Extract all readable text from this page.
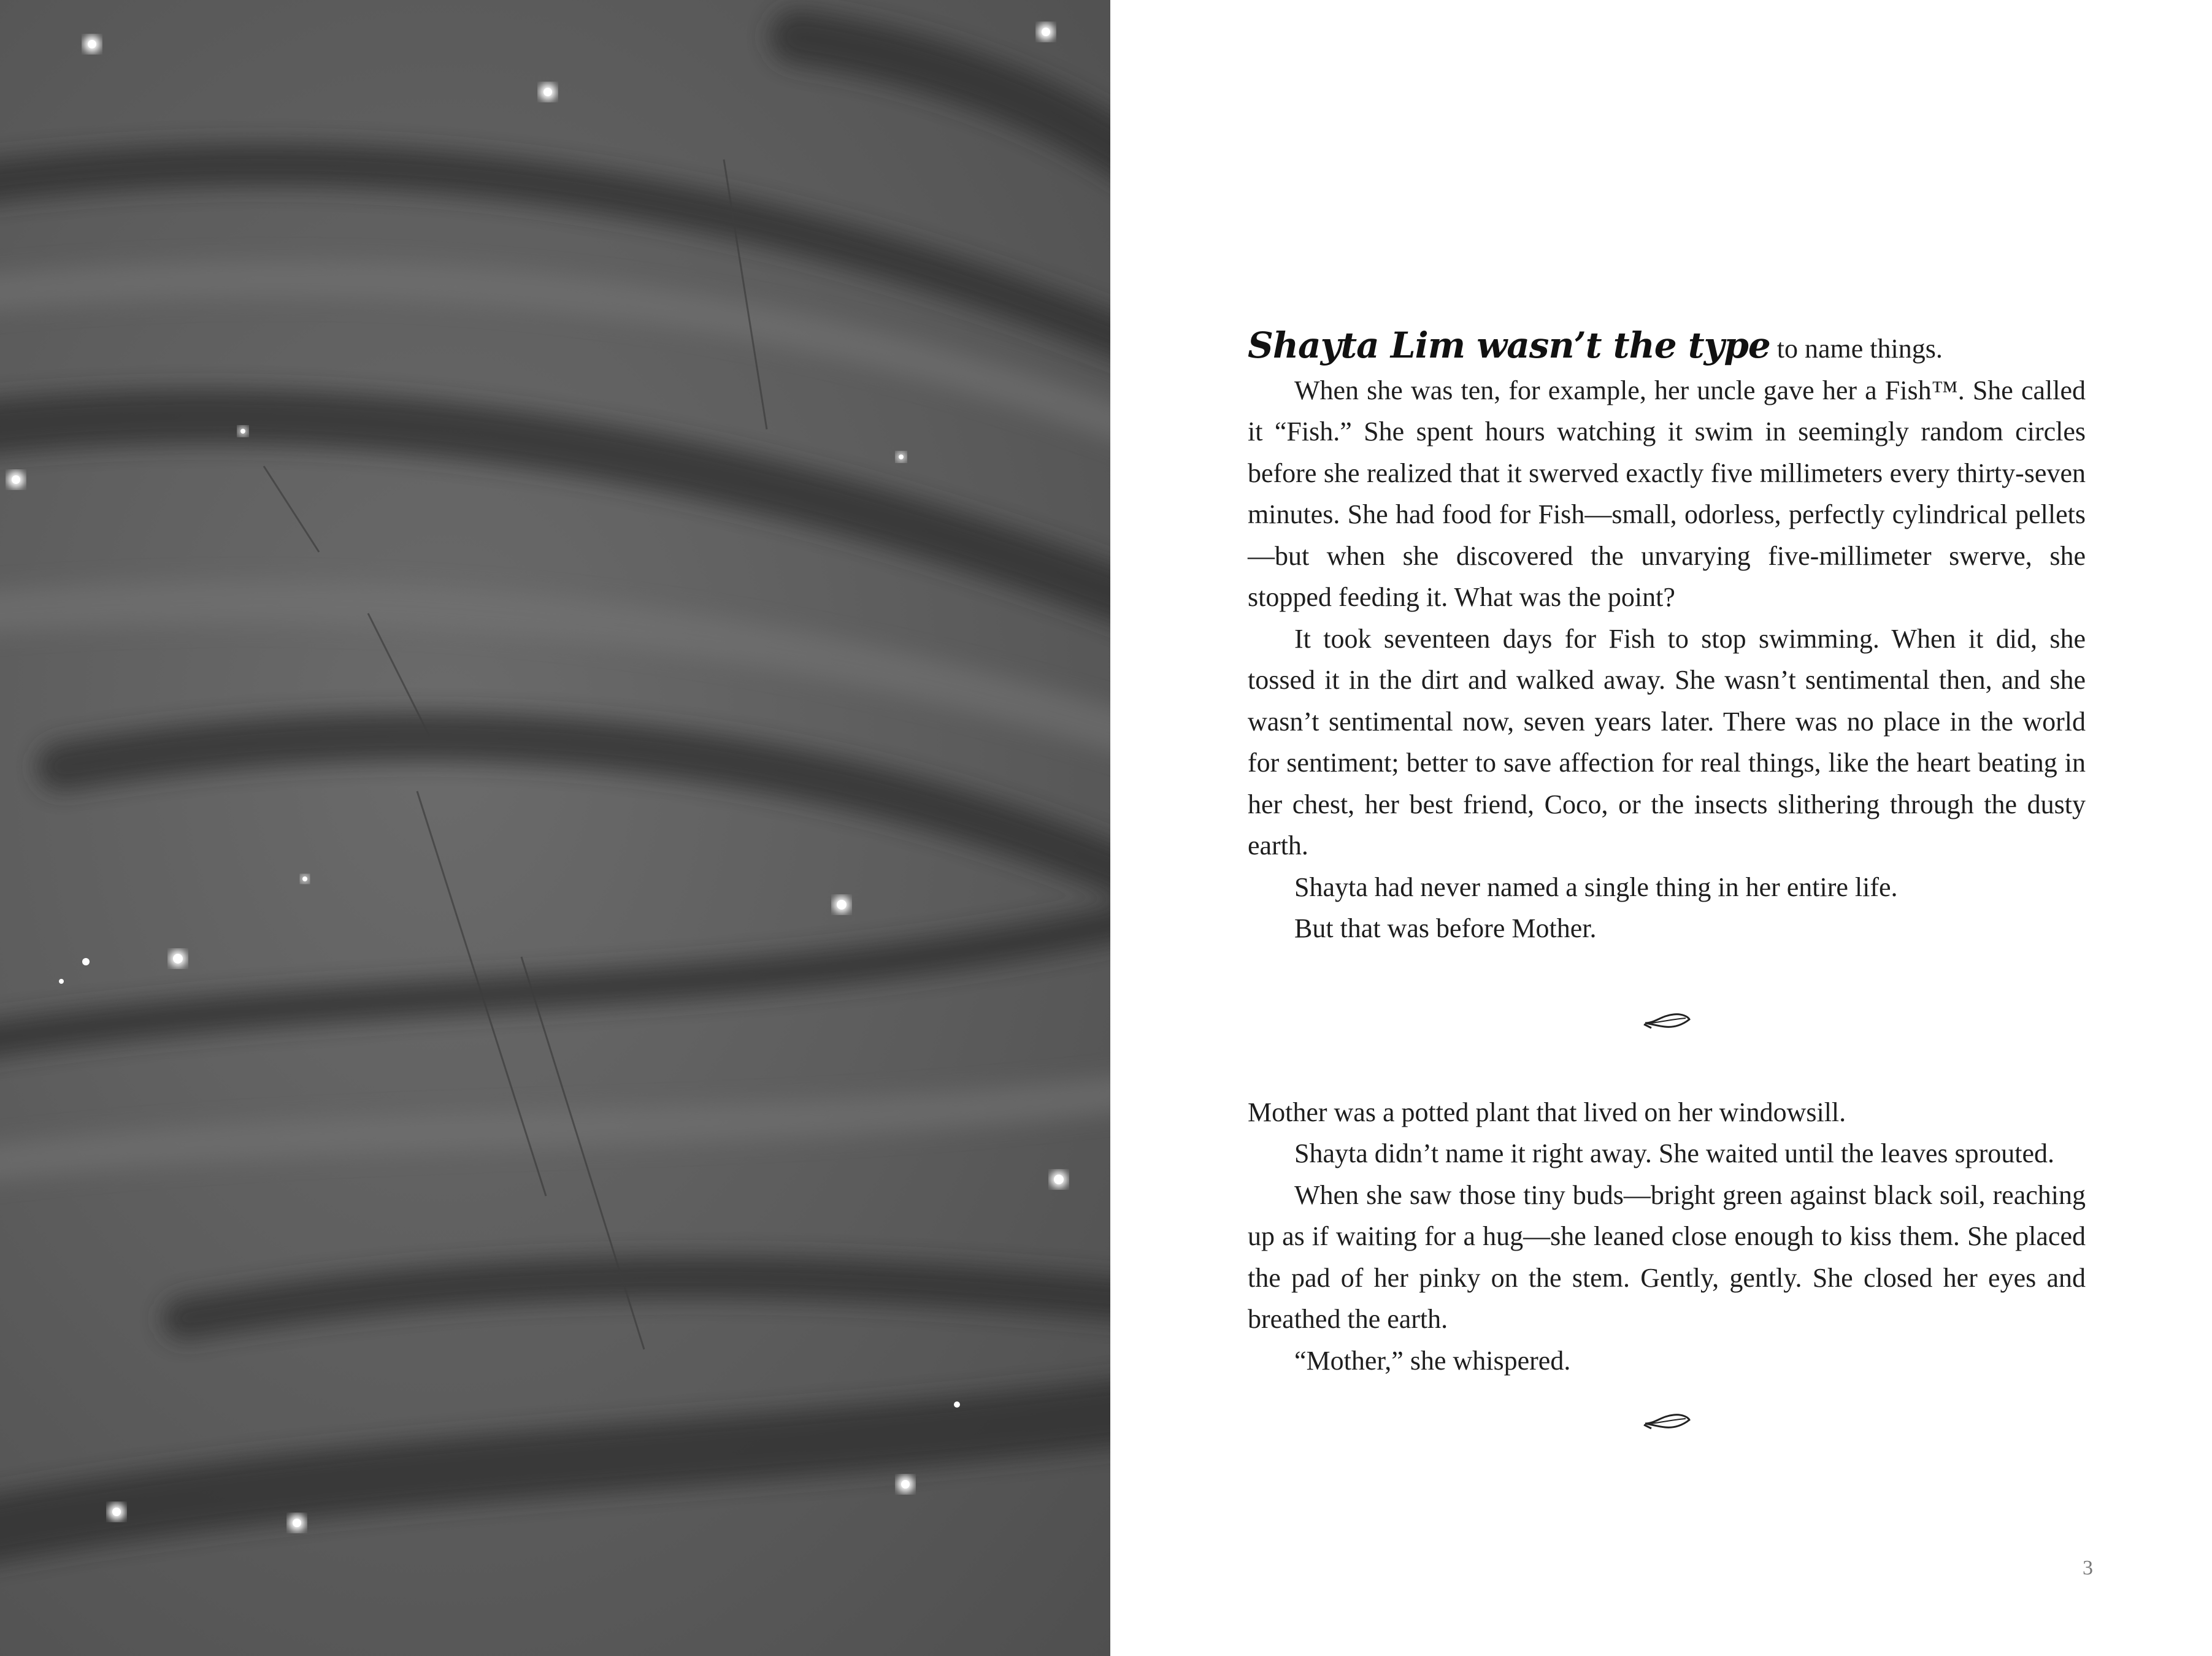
Shayta Lim wasn’t the type to name things.

When she was ten, for example, her uncle gave her a Fish™. She called it “Fish.” She spent hours watching it swim in seemingly random circles before she realized that it swerved exactly five millimeters every thirty-seven minutes. She had food for Fish—small, odorless, perfectly cylindrical pellets—but when she discovered the unvarying five-millimeter swerve, she stopped feeding it. What was the point?

It took seventeen days for Fish to stop swimming. When it did, she tossed it in the dirt and walked away. She wasn’t sentimental then, and she wasn’t sentimental now, seven years later. There was no place in the world for sentiment; better to save affection for real things, like the heart beating in her chest, her best friend, Coco, or the insects slithering through the dusty earth.

Shayta had never named a single thing in her entire life.

But that was before Mother.

Mother was a potted plant that lived on her windowsill.

Shayta didn’t name it right away. She waited until the leaves sprouted.

When she saw those tiny buds—bright green against black soil, reaching up as if waiting for a hug—she leaned close enough to kiss them. She placed the pad of her pinky on the stem. Gently, gently. She closed her eyes and breathed the earth.

“Mother,” she whispered.

3
